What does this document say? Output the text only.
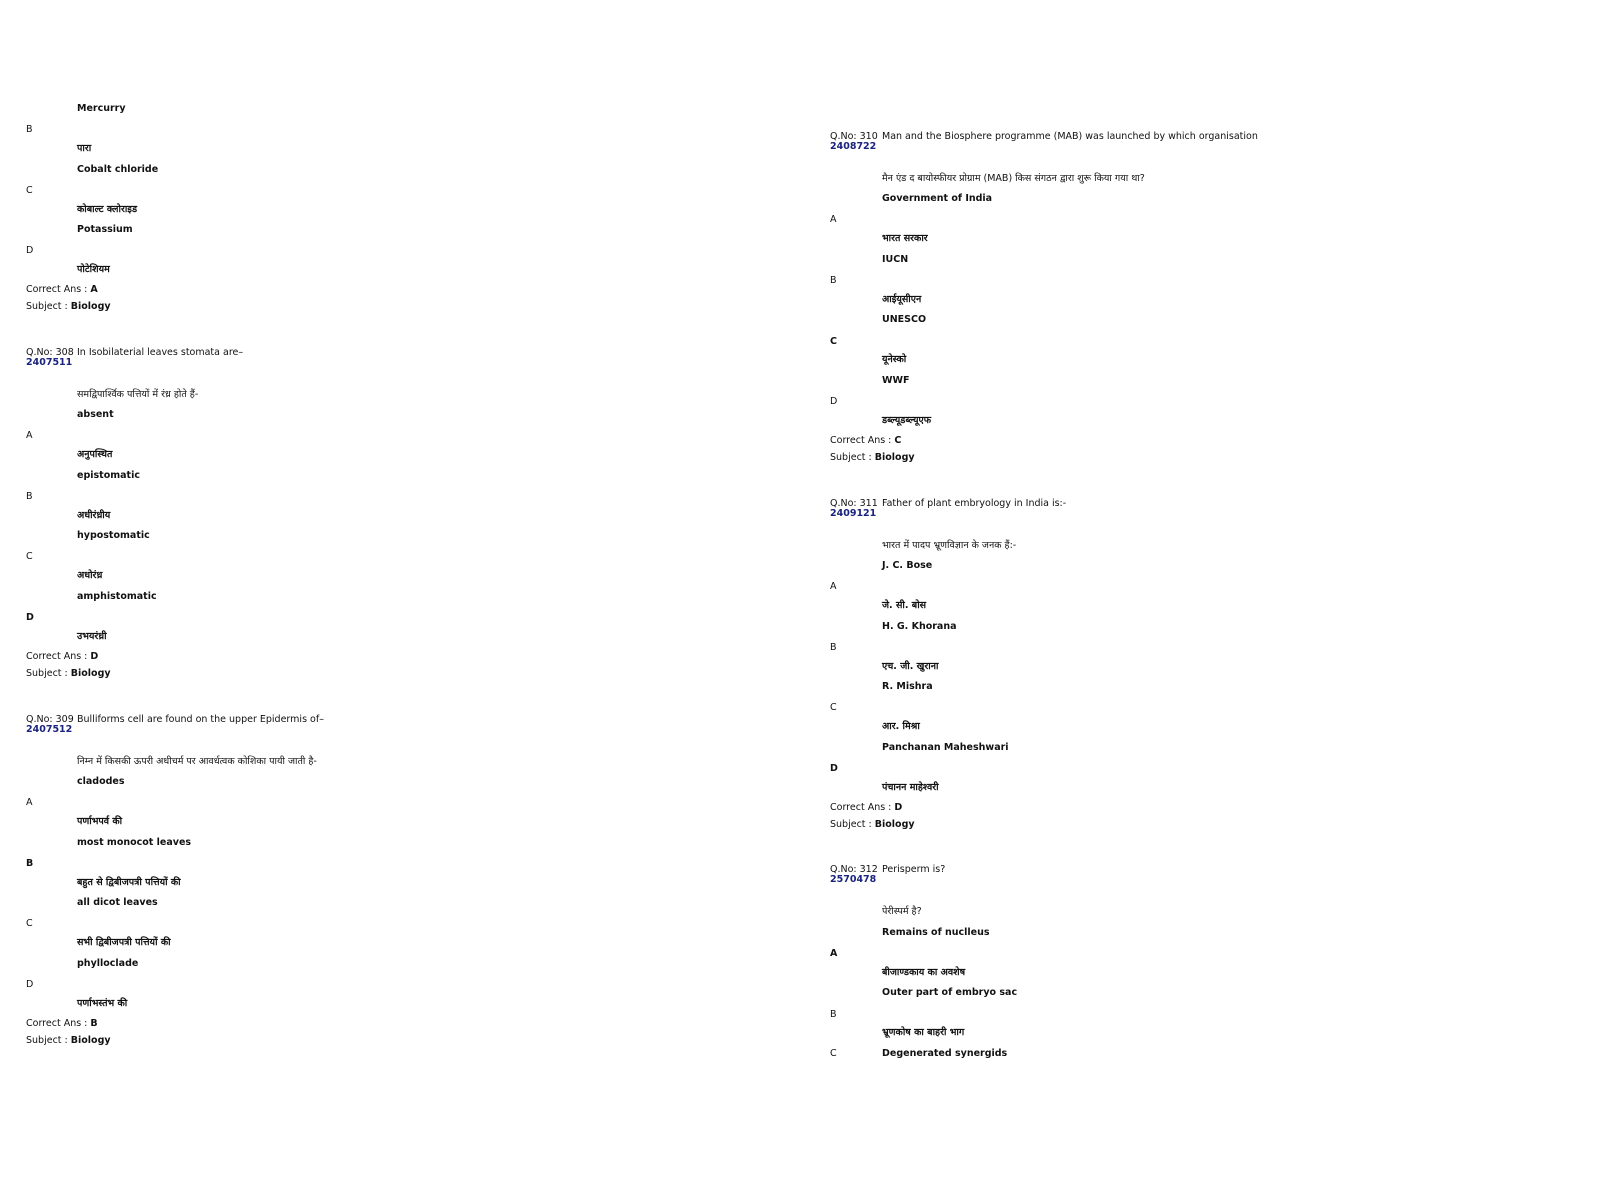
Mercurry
B
पारा
Cobalt chloride
C
कोबाल्ट क्लोराइड
Potassium
D
पोटेशियम
Correct Ans : A
Subject : Biology
Q.No: 308
2407511
In Isobilaterial leaves stomata are–
समद्विपार्श्विक पत्तियों में रंध्र होते हैं-
absent
A
अनुपस्थित
epistomatic
B
अधीरंध्रीय
hypostomatic
C
अधोरंध्र
amphistomatic
D
उभयरंध्री
Correct Ans : D
Subject : Biology
Q.No: 309
2407512
Bulliforms cell are found on the upper Epidermis of–
निम्न में किसकी ऊपरी अधीचर्म पर आवर्धत्वक कोशिका पायी जाती है-
cladodes
A
पर्णाभपर्व की
most monocot leaves
B
बहुत से द्विबीजपत्री पत्तियों की
all dicot leaves
C
सभी द्विबीजपत्री पत्तियों की
phylloclade
D
पर्णाभस्तंभ की
Correct Ans : B
Subject : Biology
Q.No: 310
2408722
Man and the Biosphere programme (MAB) was launched by which organisation
मैन एंड द बायोस्फीयर प्रोग्राम (MAB) किस संगठन द्वारा शुरू किया गया था?
Government of India
A
भारत सरकार
IUCN
B
आईयूसीएन
UNESCO
C
यूनेस्को
WWF
D
डब्ल्यूडब्ल्यूएफ
Correct Ans : C
Subject : Biology
Q.No: 311
2409121
Father of plant embryology in India is:-
भारत में पादप भ्रूणविज्ञान के जनक हैं:-
J. C. Bose
A
जे. सी. बोस
H. G. Khorana
B
एच. जी. खुराना
R. Mishra
C
आर. मिश्रा
Panchanan Maheshwari
D
पंचानन माहेश्वरी
Correct Ans : D
Subject : Biology
Q.No: 312
2570478
Perisperm is?
पेरीस्पर्म है?
Remains of nuclleus
A
बीजाण्डकाय का अवशेष
Outer part of embryo sac
B
भ्रूणकोष का बाहरी भाग
C	Degenerated synergids
